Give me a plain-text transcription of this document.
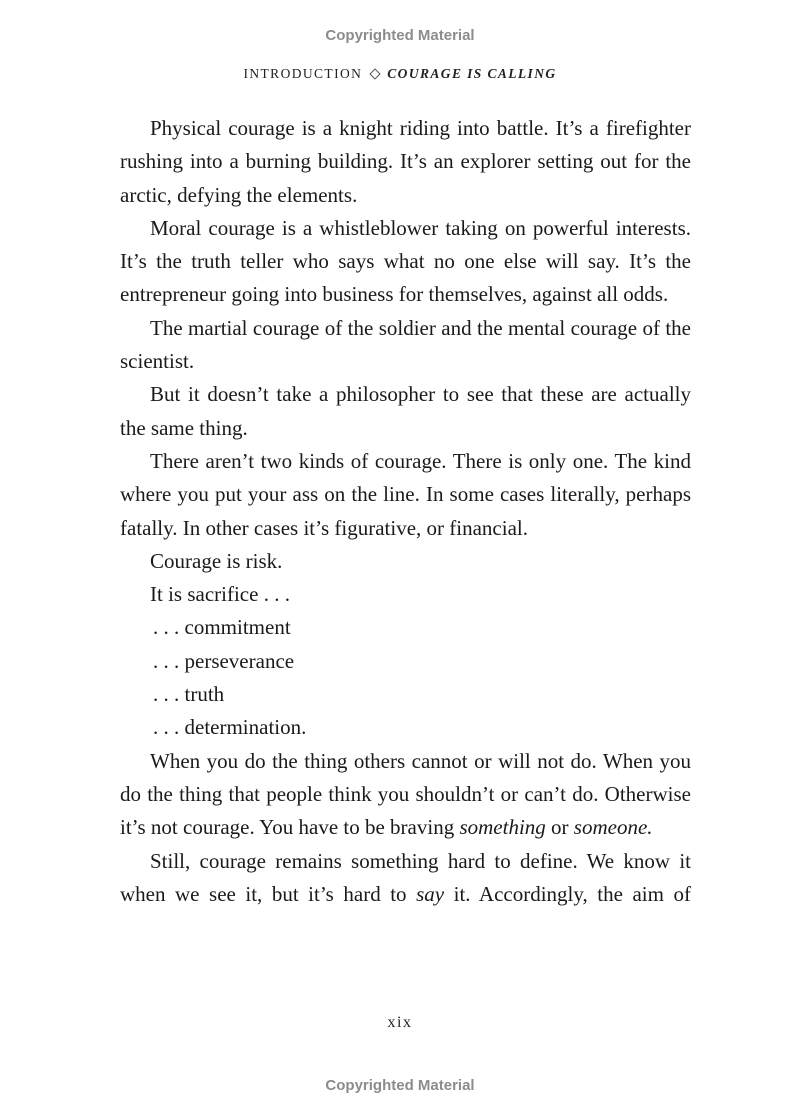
Copyrighted Material
INTRODUCTION COURAGE IS CALLING

Physical courage is a knight riding into battle. It’s a firefighter rushing into a burning building. It’s an explorer setting out for the arctic, defying the elements.

Moral courage is a whistleblower taking on powerful interests. It’s the truth teller who says what no one else will say. It’s the entrepreneur going into business for themselves, against all odds.

The martial courage of the soldier and the mental courage of the scientist.

But it doesn’t take a philosopher to see that these are actually the same thing.

There aren’t two kinds of courage. There is only one. The kind where you put your ass on the line. In some cases literally, perhaps fatally. In other cases it’s figurative, or financial.

Courage is risk.

It is sacrifice . . .

. . . commitment

. . . perseverance

. . . truth

. . . determination.

When you do the thing others cannot or will not do. When you do the thing that people think you shouldn’t or can’t do. Otherwise it’s not courage. You have to be braving something or someone.

Still, courage remains something hard to define. We know it when we see it, but it’s hard to say it. Accordingly, the aim of

xix
Copyrighted Material
